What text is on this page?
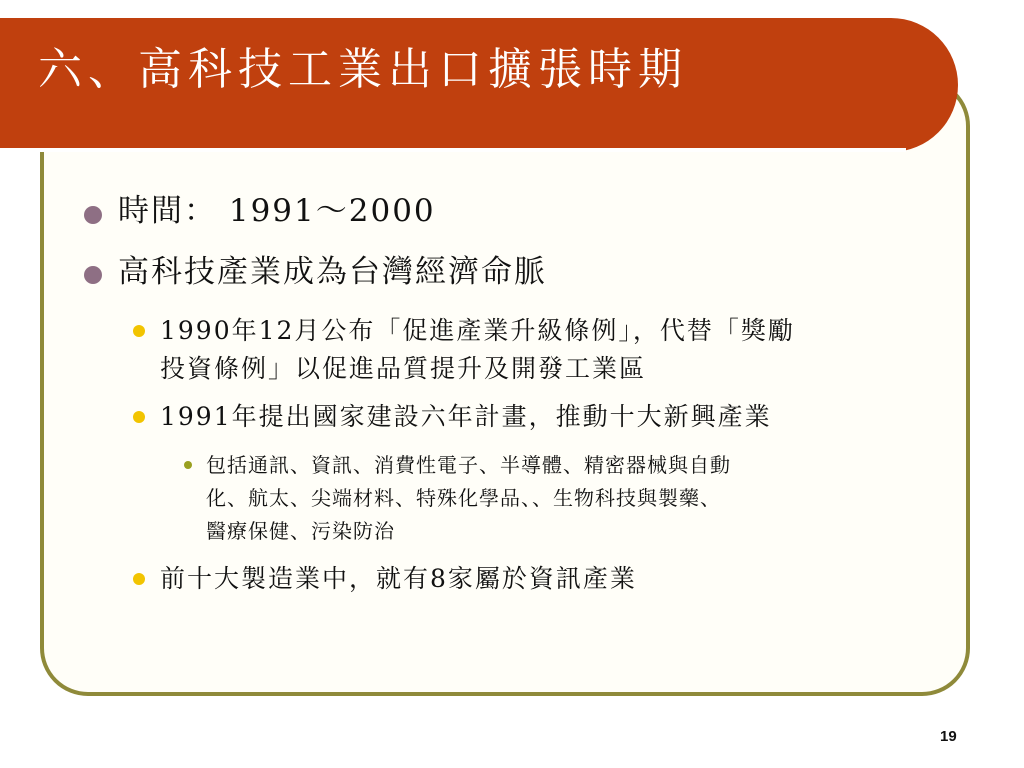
六、高科技工業出口擴張時期
時間： 1991～2000
高科技產業成為台灣經濟命脈
1990年12月公布「促進產業升級條例」，代替「獎勵
投資條例」以促進品質提升及開發工業區
1991年提出國家建設六年計畫，推動十大新興產業
包括通訊、資訊、消費性電子、半導體、精密器械與自動
化、航太、尖端材料、特殊化學品、、生物科技與製藥、
醫療保健、污染防治
前十大製造業中，就有8家屬於資訊產業
19
